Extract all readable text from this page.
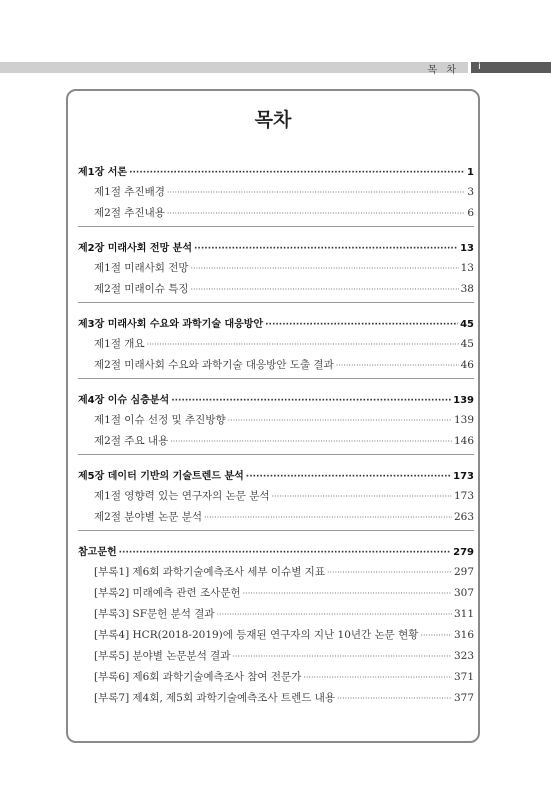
목 차 i
목차
제1장 서론 ·····	1
제1절 추진배경 ·····	3
제2절 추진내용 ·····	6
제2장 미래사회 전망 분석 ·····	13
제1절 미래사회 전망 ·····	13
제2절 미래이슈 특징 ·····	38
제3장 미래사회 수요와 과학기술 대응방안 ·····	45
제1절 개요 ·····	45
제2절 미래사회 수요와 과학기술 대응방안 도출 결과 ·····	46
제4장 이슈 심층분석 ·····	139
제1절 이슈 선정 및 추진방향 ·····	139
제2절 주요 내용 ·····	146
제5장 데이터 기반의 기술트렌드 분석 ·····	173
제1절 영향력 있는 연구자의 논문 분석 ·····	173
제2절 분야별 논문 분석 ·····	263
참고문헌 ·····	279
[부록1] 제6회 과학기술예측조사 세부 이슈별 지표 ·····	297
[부록2] 미래예측 관련 조사문헌 ·····	307
[부록3] SF문헌 분석 결과 ·····	311
[부록4] HCR(2018-2019)에 등재된 연구자의 지난 10년간 논문 현황 ·····	316
[부록5] 분야별 논문분석 결과 ·····	323
[부록6] 제6회 과학기술예측조사 참여 전문가 ·····	371
[부록7] 제4회, 제5회 과학기술예측조사 트렌드 내용 ·····	377
